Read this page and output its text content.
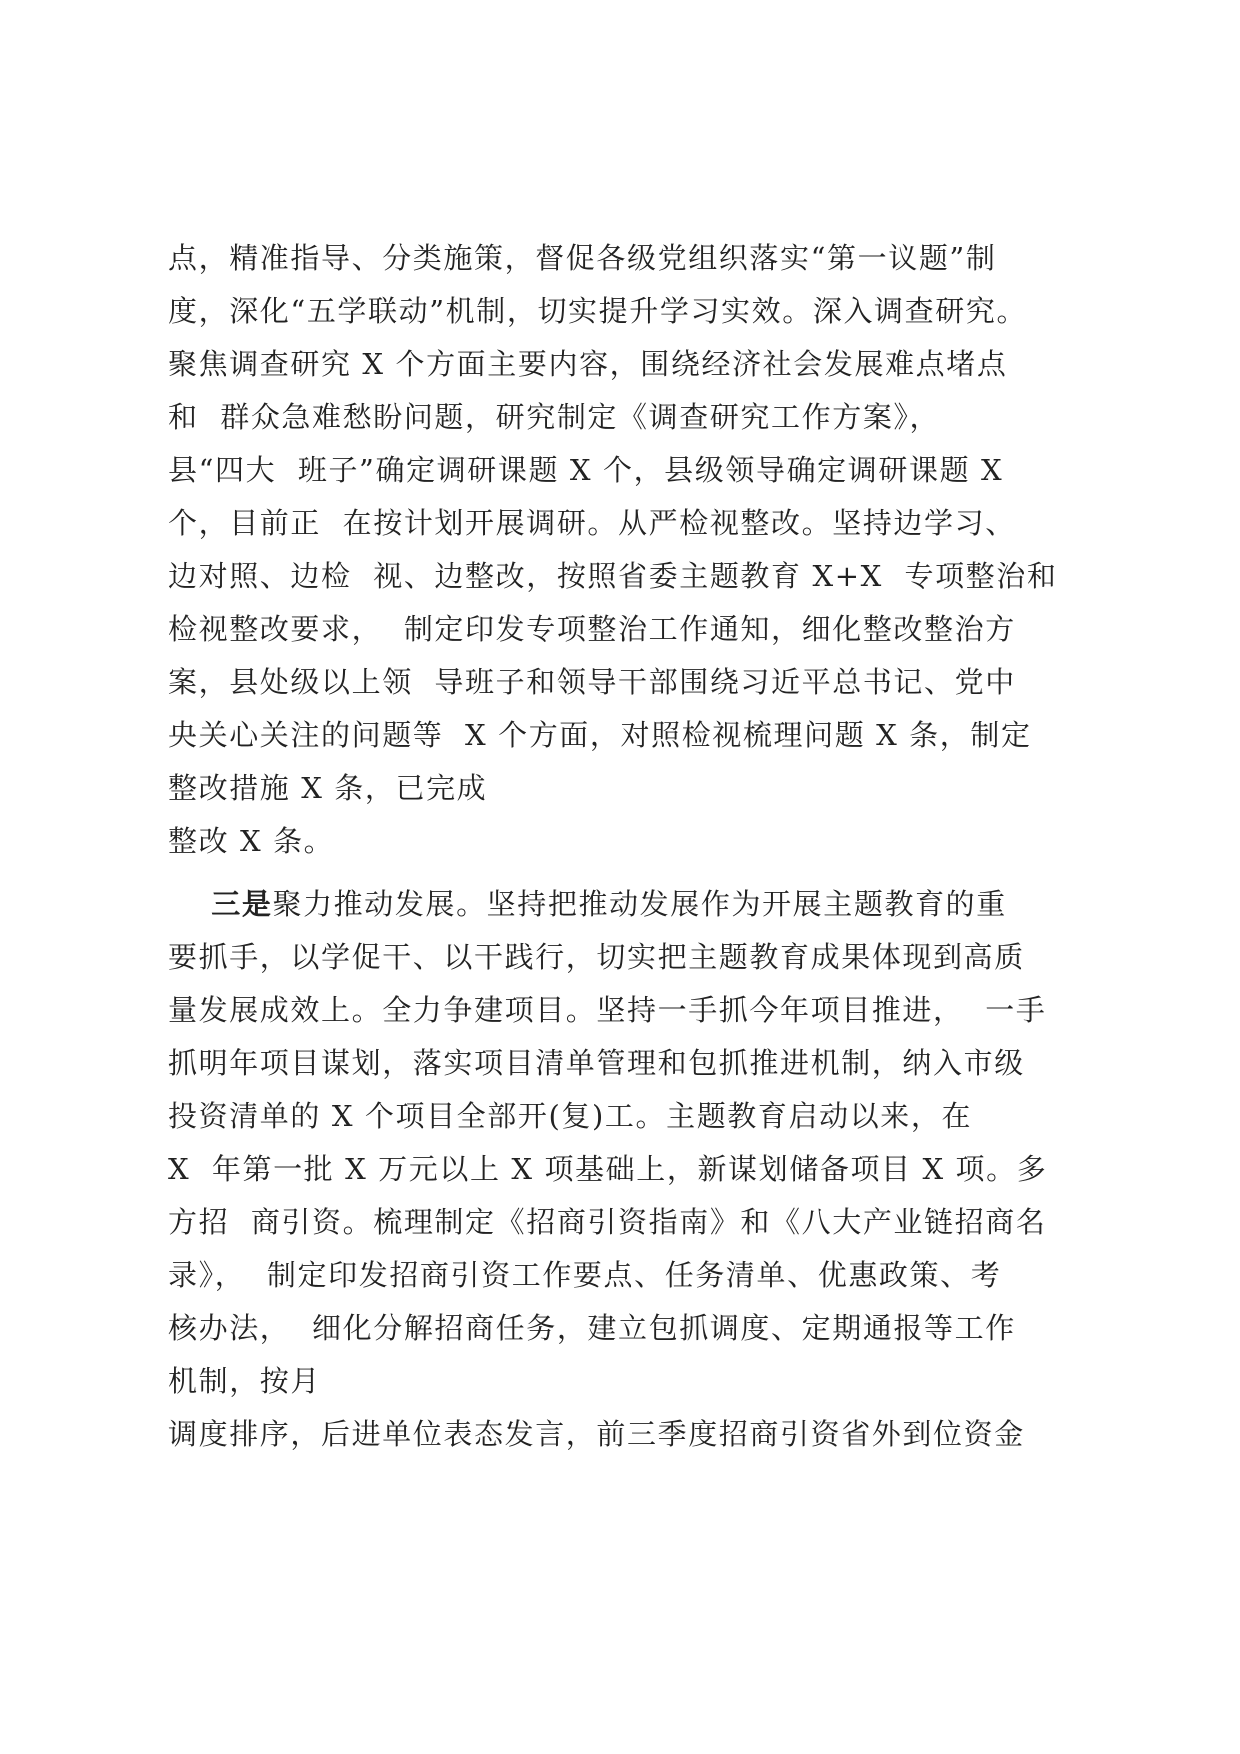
点，精准指导、分类施策，督促各级党组织落实“第一议题”制
度，深化“五学联动”机制，切实提升学习实效。深入调查研究。
聚焦调查研究 X 个方面主要内容，围绕经济社会发展难点堵点
和  群众急难愁盼问题，研究制定《调查研究工作方案》，
县“四大  班子”确定调研课题 X 个，县级领导确定调研课题 X
个，目前正  在按计划开展调研。从严检视整改。坚持边学习、
边对照、边检  视、边整改，按照省委主题教育 X+X  专项整治和
检视整改要求，  制定印发专项整治工作通知，细化整改整治方
案，县处级以上领  导班子和领导干部围绕习近平总书记、党中
央关心关注的问题等  X 个方面，对照检视梳理问题 X 条，制定
整改措施 X 条，已完成
整改 X 条。
三是聚力推动发展。坚持把推动发展作为开展主题教育的重
要抓手，以学促干、以干践行，切实把主题教育成果体现到高质
量发展成效上。全力争建项目。坚持一手抓今年项目推进，  一手
抓明年项目谋划，落实项目清单管理和包抓推进机制，纳入市级
投资清单的 X 个项目全部开(复)工。主题教育启动以来，在
X  年第一批 X 万元以上 X 项基础上，新谋划储备项目 X 项。多
方招  商引资。梳理制定《招商引资指南》和《八大产业链招商名
录》，  制定印发招商引资工作要点、任务清单、优惠政策、考
核办法，  细化分解招商任务，建立包抓调度、定期通报等工作
机制，按月
调度排序，后进单位表态发言，前三季度招商引资省外到位资金
